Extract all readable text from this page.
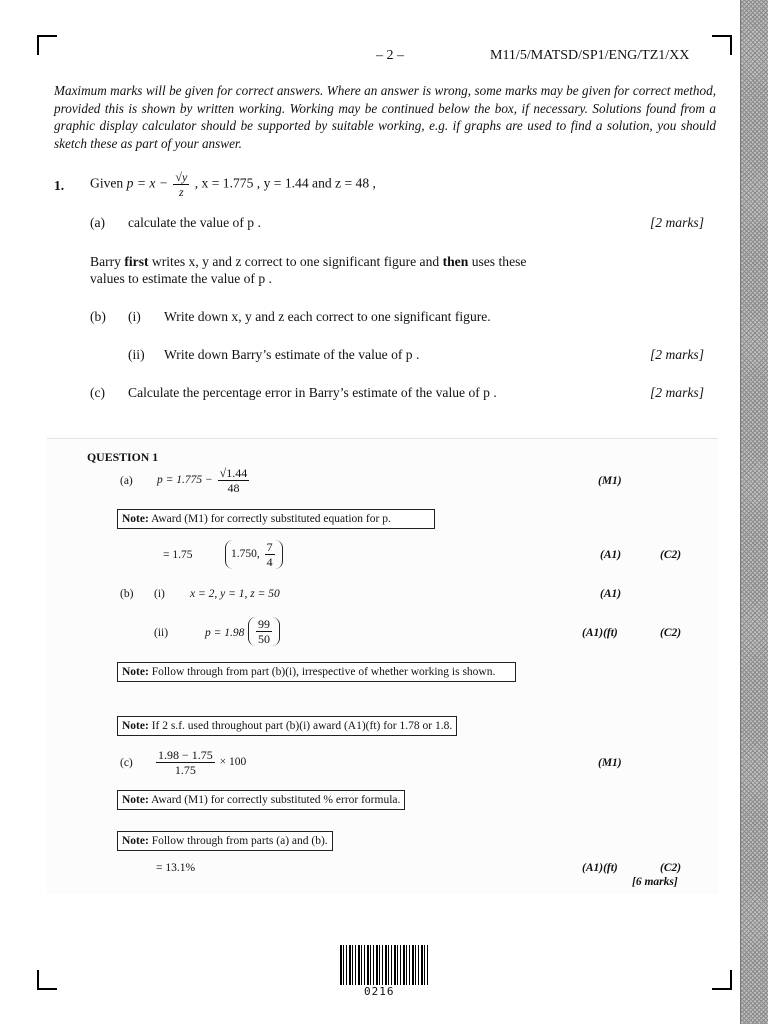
– 2 –	M11/5/MATSD/SP1/ENG/TZ1/XX
Maximum marks will be given for correct answers. Where an answer is wrong, some marks may be given for correct method, provided this is shown by written working. Working may be continued below the box, if necessary. Solutions found from a graphic display calculator should be supported by suitable working, e.g. if graphs are used to find a solution, you should sketch these as part of your answer.
1. Given $p = x - \frac{√y}{z}$ , x = 1.775 , y = 1.44 and z = 48 ,
(a) calculate the value of p .	[2 marks]
Barry first writes x, y and z correct to one significant figure and then uses these
values to estimate the value of p .
(b) (i) Write down x, y and z each correct to one significant figure.
(ii) Write down Barry’s estimate of the value of p .	[2 marks]
(c) Calculate the percentage error in Barry’s estimate of the value of p .	[2 marks]
QUESTION 1
(a) $p = 1.775 - \frac{√1.44}{48}$	(M1)
Note: Award (M1) for correctly substituted equation for p.
= 1.75	1.750, $\frac{7}{4}$	(A1)	(C2)
(b) (i) x = 2, y = 1, z = 50	(A1)
(ii)	$p = 1.98 \frac{99}{50}$	(A1)(ft)	(C2)
Note: Follow through from part (b)(i), irrespective of whether working is shown.
Note: If 2 s.f. used throughout part (b)(i) award (A1)(ft) for 1.78 or 1.8.
$(c) \frac{1.98 - 1.75}{1.75} \times 100$	(M1)
Note: Award (M1) for correctly substituted % error formula.
Note: Follow through from parts (a) and (b).
= 13.1%	(A1)(ft)	(C2)
[6 marks]
0216
